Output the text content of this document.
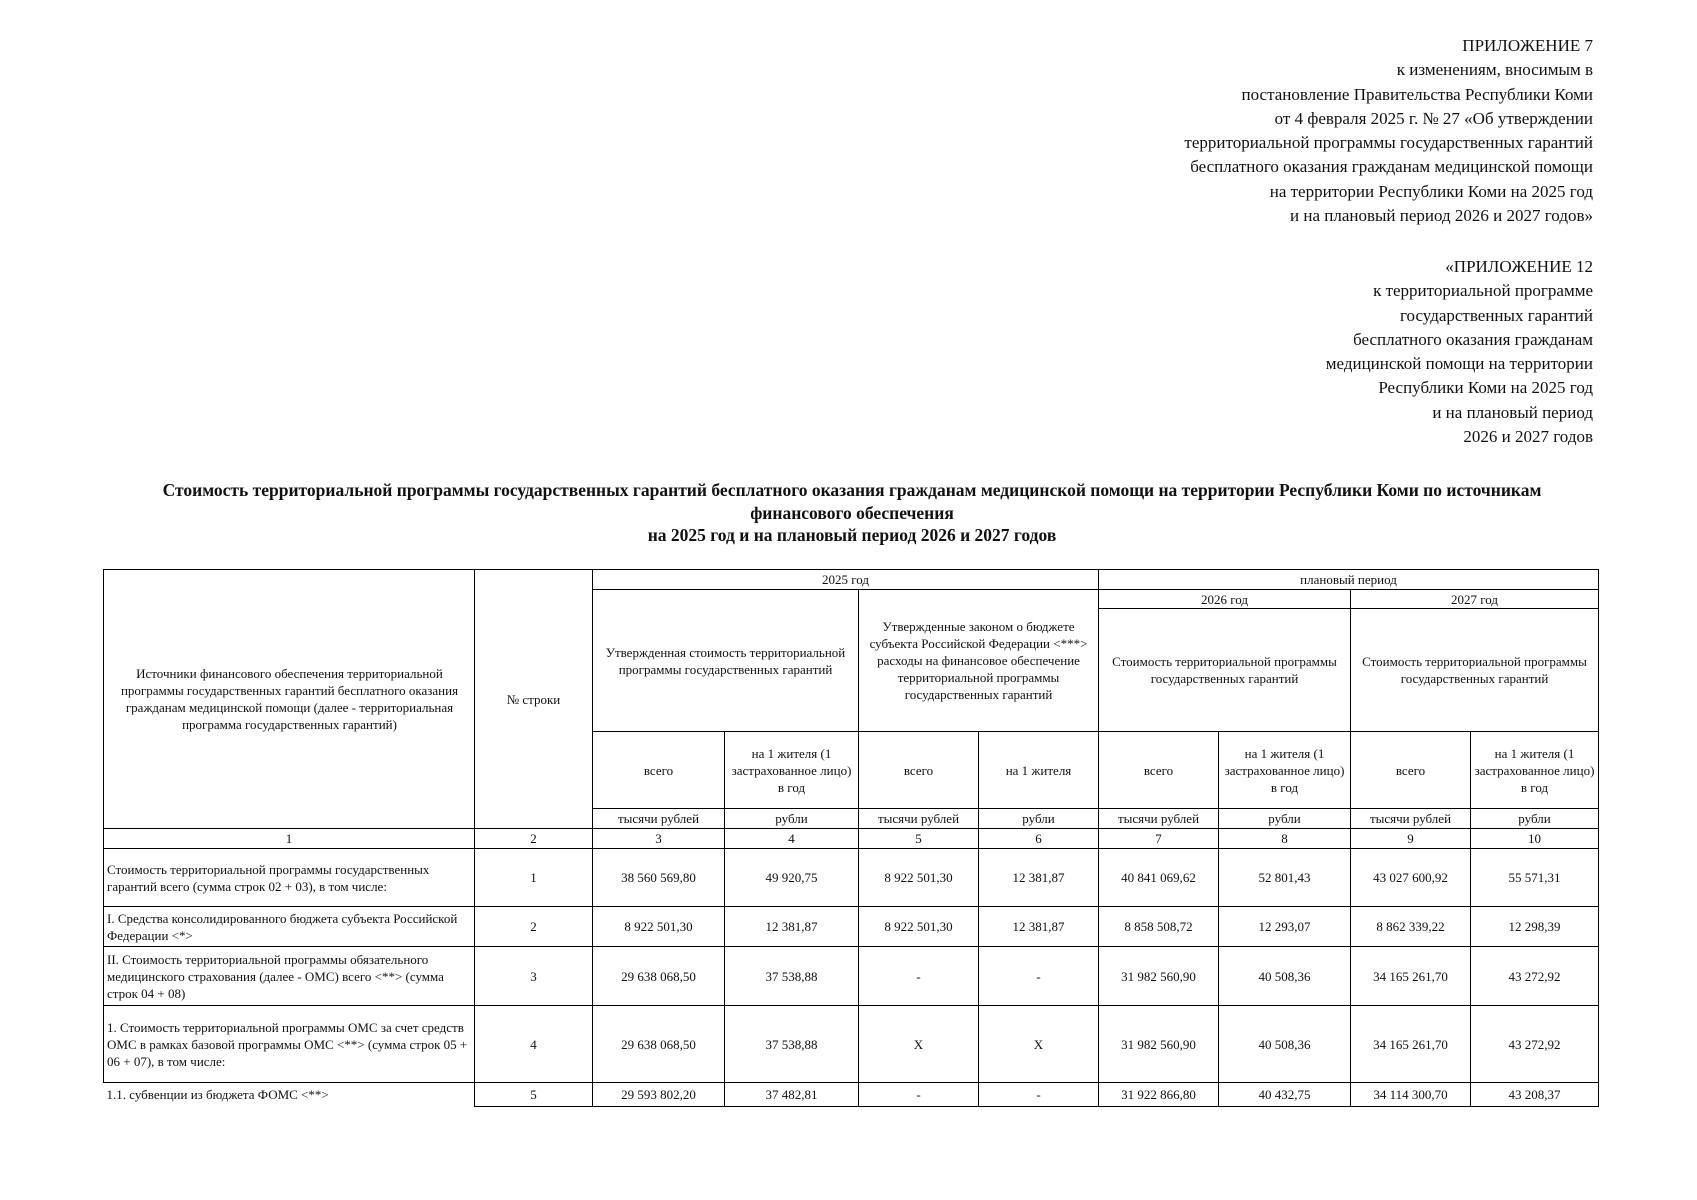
ПРИЛОЖЕНИЕ 7
к изменениям, вносимым в
постановление Правительства Республики Коми
от 4 февраля 2025 г. № 27 «Об утверждении
территориальной программы государственных гарантий
бесплатного оказания гражданам медицинской помощи
на территории Республики Коми на 2025 год
и на плановый период 2026 и 2027 годов»
«ПРИЛОЖЕНИЕ 12
к территориальной программе
государственных гарантий
бесплатного оказания гражданам
медицинской помощи на территории
Республики Коми на 2025 год
и на плановый период
2026 и 2027 годов
Стоимость территориальной программы государственных гарантий бесплатного оказания гражданам медицинской помощи на территории Республики Коми по источникам
финансового обеспечения
на 2025 год и на плановый период 2026 и 2027 годов
Источники финансового обеспечения территориальной программы государственных гарантий бесплатного оказания гражданам медицинской помощи (далее - территориальная программа государственных гарантий)	№ строки	2025 год				плановый период			
		Утвержденная стоимость территориальной программы государственных гарантий		Утвержденные законом о бюджете субъекта Российской Федерации <***> расходы на финансовое обеспечение территориальной программы государственных гарантий		2026 год		2027 год	
						Стоимость территориальной программы государственных гарантий		Стоимость территориальной программы государственных гарантий	
		всего	на 1 жителя (1 застрахованное лицо) в год	всего	на 1 жителя	всего	на 1 жителя (1 застрахованное лицо) в год	всего	на 1 жителя (1 застрахованное лицо) в год
		тысячи рублей	рубли	тысячи рублей	рубли	тысячи рублей	рубли	тысячи рублей	рубли
1	2	3	4	5	6	7	8	9	10
Стоимость территориальной программы государственных гарантий всего (сумма строк 02 + 03), в том числе:	1	38 560 569,80	49 920,75	8 922 501,30	12 381,87	40 841 069,62	52 801,43	43 027 600,92	55 571,31
I. Средства консолидированного бюджета субъекта Российской Федерации <*>	2	8 922 501,30	12 381,87	8 922 501,30	12 381,87	8 858 508,72	12 293,07	8 862 339,22	12 298,39
II. Стоимость территориальной программы обязательного медицинского страхования (далее - ОМС) всего <**> (сумма строк 04 + 08)	3	29 638 068,50	37 538,88	-	-	31 982 560,90	40 508,36	34 165 261,70	43 272,92
1. Стоимость территориальной программы ОМС за счет средств ОМС в рамках базовой программы ОМС <**> (сумма строк 05 + 06 + 07), в том числе:	4	29 638 068,50	37 538,88	X	X	31 982 560,90	40 508,36	34 165 261,70	43 272,92
1.1. субвенции из бюджета ФОМС <**>	5	29 593 802,20	37 482,81	-	-	31 922 866,80	40 432,75	34 114 300,70	43 208,37
